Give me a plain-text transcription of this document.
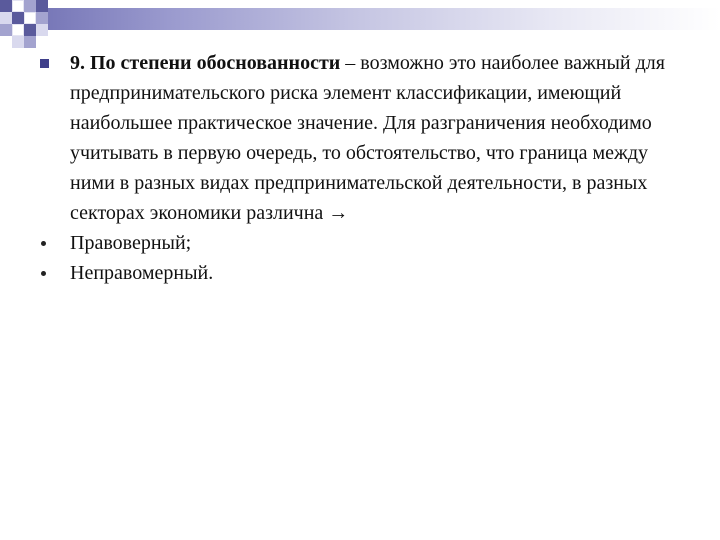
9. По степени обоснованности – возможно это наиболее важный для предпринимательского риска элемент классификации, имеющий наибольшее практическое значение. Для разграничения необходимо учитывать в первую очередь, то обстоятельство, что граница между ними в разных видах предпринимательской деятельности, в разных секторах экономики различна →
Правоверный;
Неправомерный.
